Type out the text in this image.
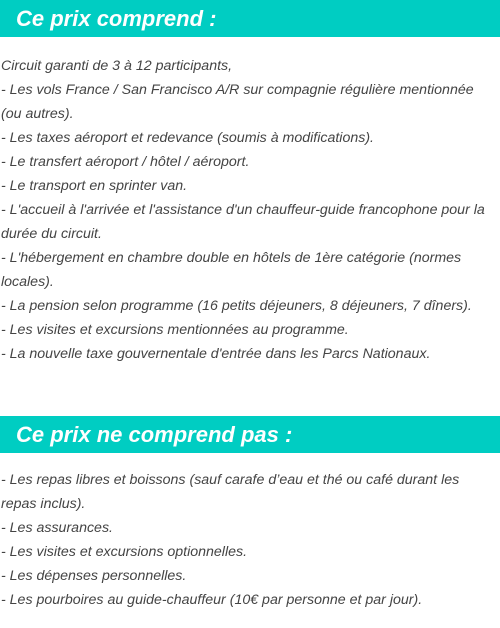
Ce prix comprend :
Circuit garanti de 3 à 12 participants,
- Les vols France / San Francisco A/R sur compagnie régulière mentionnée (ou autres).
- Les taxes aéroport et redevance (soumis à modifications).
- Le transfert aéroport / hôtel / aéroport.
- Le transport en sprinter van.
- L'accueil à l'arrivée et l'assistance d'un chauffeur-guide francophone pour la durée du circuit.
- L'hébergement en chambre double en hôtels de 1ère catégorie (normes locales).
- La pension selon programme (16 petits déjeuners, 8 déjeuners, 7 dîners).
- Les visites et excursions mentionnées au programme.
- La nouvelle taxe gouvernentale d'entrée dans les Parcs Nationaux.
Ce prix ne comprend pas :
- Les repas libres et boissons (sauf carafe d’eau et thé ou café durant les repas inclus).
- Les assurances.
- Les visites et excursions optionnelles.
- Les dépenses personnelles.
- Les pourboires au guide-chauffeur (10€ par personne et par jour).
